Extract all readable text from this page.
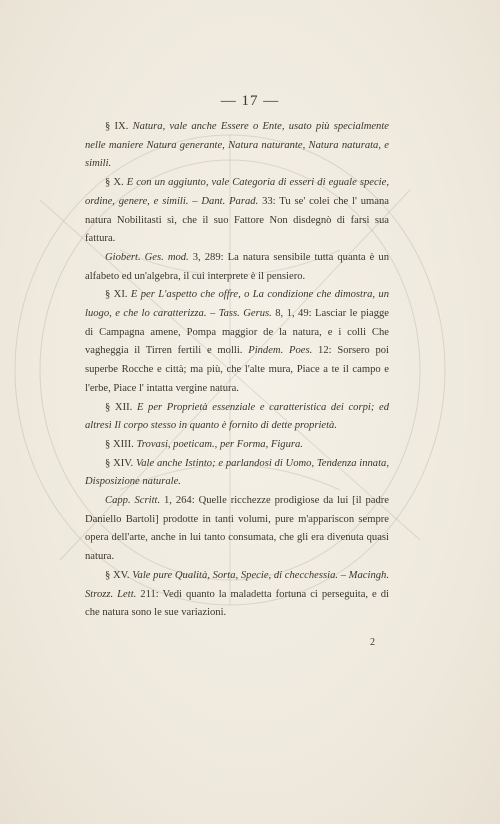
— 17 —

§ IX. Natura, vale anche Essere o Ente, usato più specialmente nelle maniere Natura generante, Natura naturante, Natura naturata, e simili.

§ X. E con un aggiunto, vale Categoria di esseri di eguale specie, ordine, genere, e simili. – Dant. Parad. 33: Tu se' colei che l' umana natura Nobilitasti sì, che il suo Fattore Non disdegnò di farsi sua fattura.

Giobert. Ges. mod. 3, 289: La natura sensibile tutta quanta è un alfabeto ed un'algebra, il cui interprete è il pensiero.

§ XI. E per L'aspetto che offre, o La condizione che dimostra, un luogo, e che lo caratterizza. – Tass. Gerus. 8, 1, 49: Lasciar le piagge di Campagna amene, Pompa maggior de la natura, e i colli Che vagheggia il Tirren fertili e molli. Pindem. Poes. 12: Sorsero poi superbe Rocche e città; ma più, che l'alte mura, Piace a te il campo e l'erbe, Piace l' intatta vergine natura.

§ XII. E per Proprietà essenziale e caratteristica dei corpi; ed altresì Il corpo stesso in quanto è fornito di dette proprietà.

§ XIII. Trovasi, poeticam., per Forma, Figura.

§ XIV. Vale anche Istinto; e parlandosi di Uomo, Tendenza innata, Disposizione naturale.

Capp. Scritt. 1, 264: Quelle ricchezze prodigiose da lui [il padre Daniello Bartoli] prodotte in tanti volumi, pure m'appariscon sempre opera dell'arte, anche in lui tanto consumata, che gli era divenuta quasi natura.

§ XV. Vale pure Qualità, Sorta, Specie, di checchessia. – Macingh. Strozz. Lett. 211: Vedi quanto la maladetta fortuna ci perseguita, e di che natura sono le sue variazioni.

2
